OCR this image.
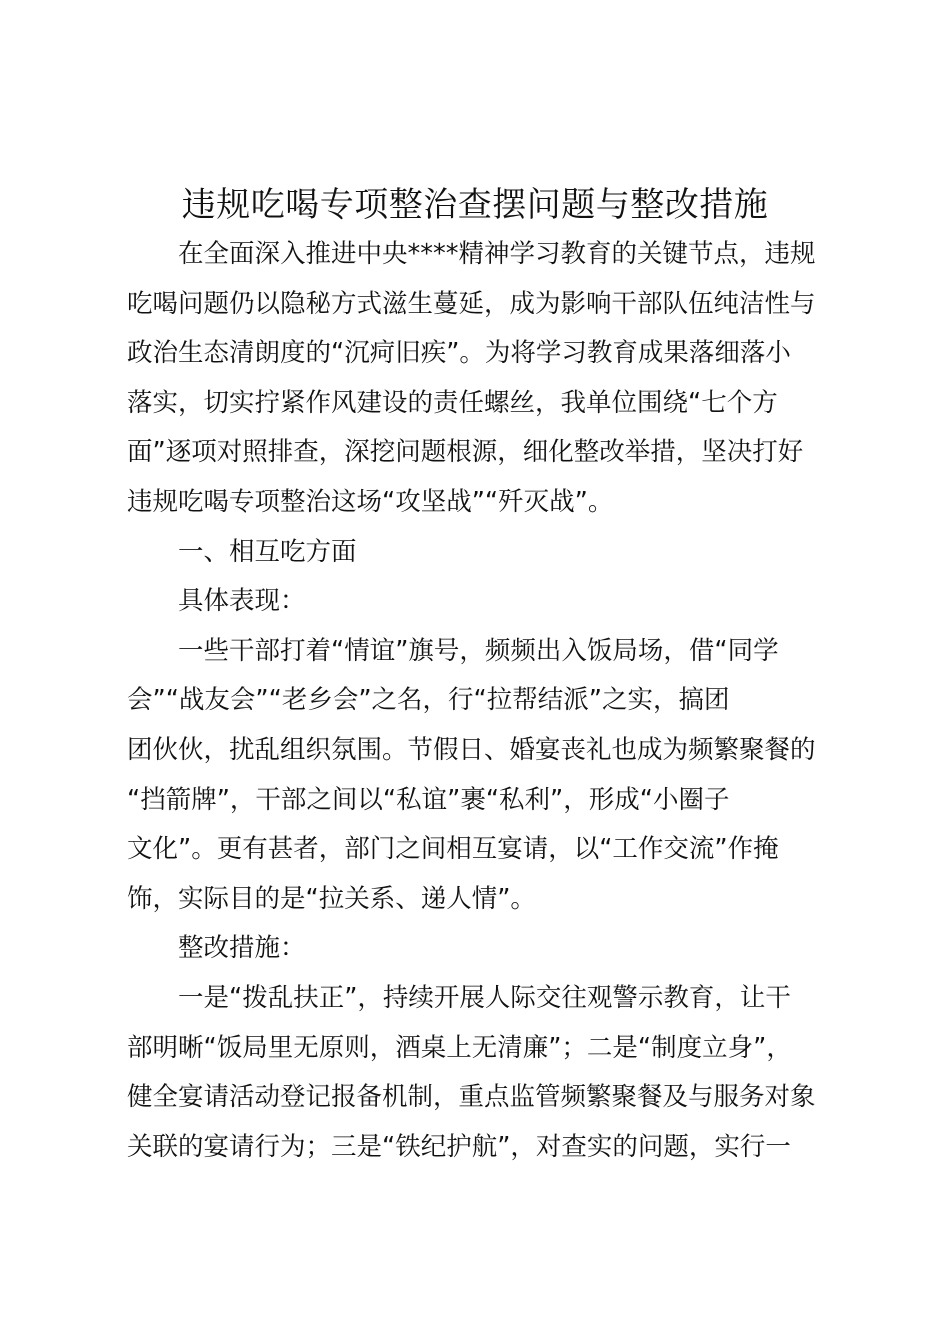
违规吃喝专项整治查摆问题与整改措施

在全面深入推进中央****精神学习教育的关键节点，违规
吃喝问题仍以隐秘方式滋生蔓延，成为影响干部队伍纯洁性与
政治生态清朗度的“沉疴旧疾”。为将学习教育成果落细落小
落实，切实拧紧作风建设的责任螺丝，我单位围绕“七个方
面”逐项对照排查，深挖问题根源，细化整改举措，坚决打好
违规吃喝专项整治这场“攻坚战”“歼灭战”。

一、相互吃方面

具体表现：

一些干部打着“情谊”旗号，频频出入饭局场，借“同学
会”“战友会”“老乡会”之名，行“拉帮结派”之实，搞团
团伙伙，扰乱组织氛围。节假日、婚宴丧礼也成为频繁聚餐的
“挡箭牌”，干部之间以“私谊”裹“私利”，形成“小圈子
文化”。更有甚者，部门之间相互宴请，以“工作交流”作掩
饰，实际目的是“拉关系、递人情”。

整改措施：

一是“拨乱扶正”，持续开展人际交往观警示教育，让干
部明晰“饭局里无原则，酒桌上无清廉”；二是“制度立身”，
健全宴请活动登记报备机制，重点监管频繁聚餐及与服务对象
关联的宴请行为；三是“铁纪护航”，对查实的问题，实行一
